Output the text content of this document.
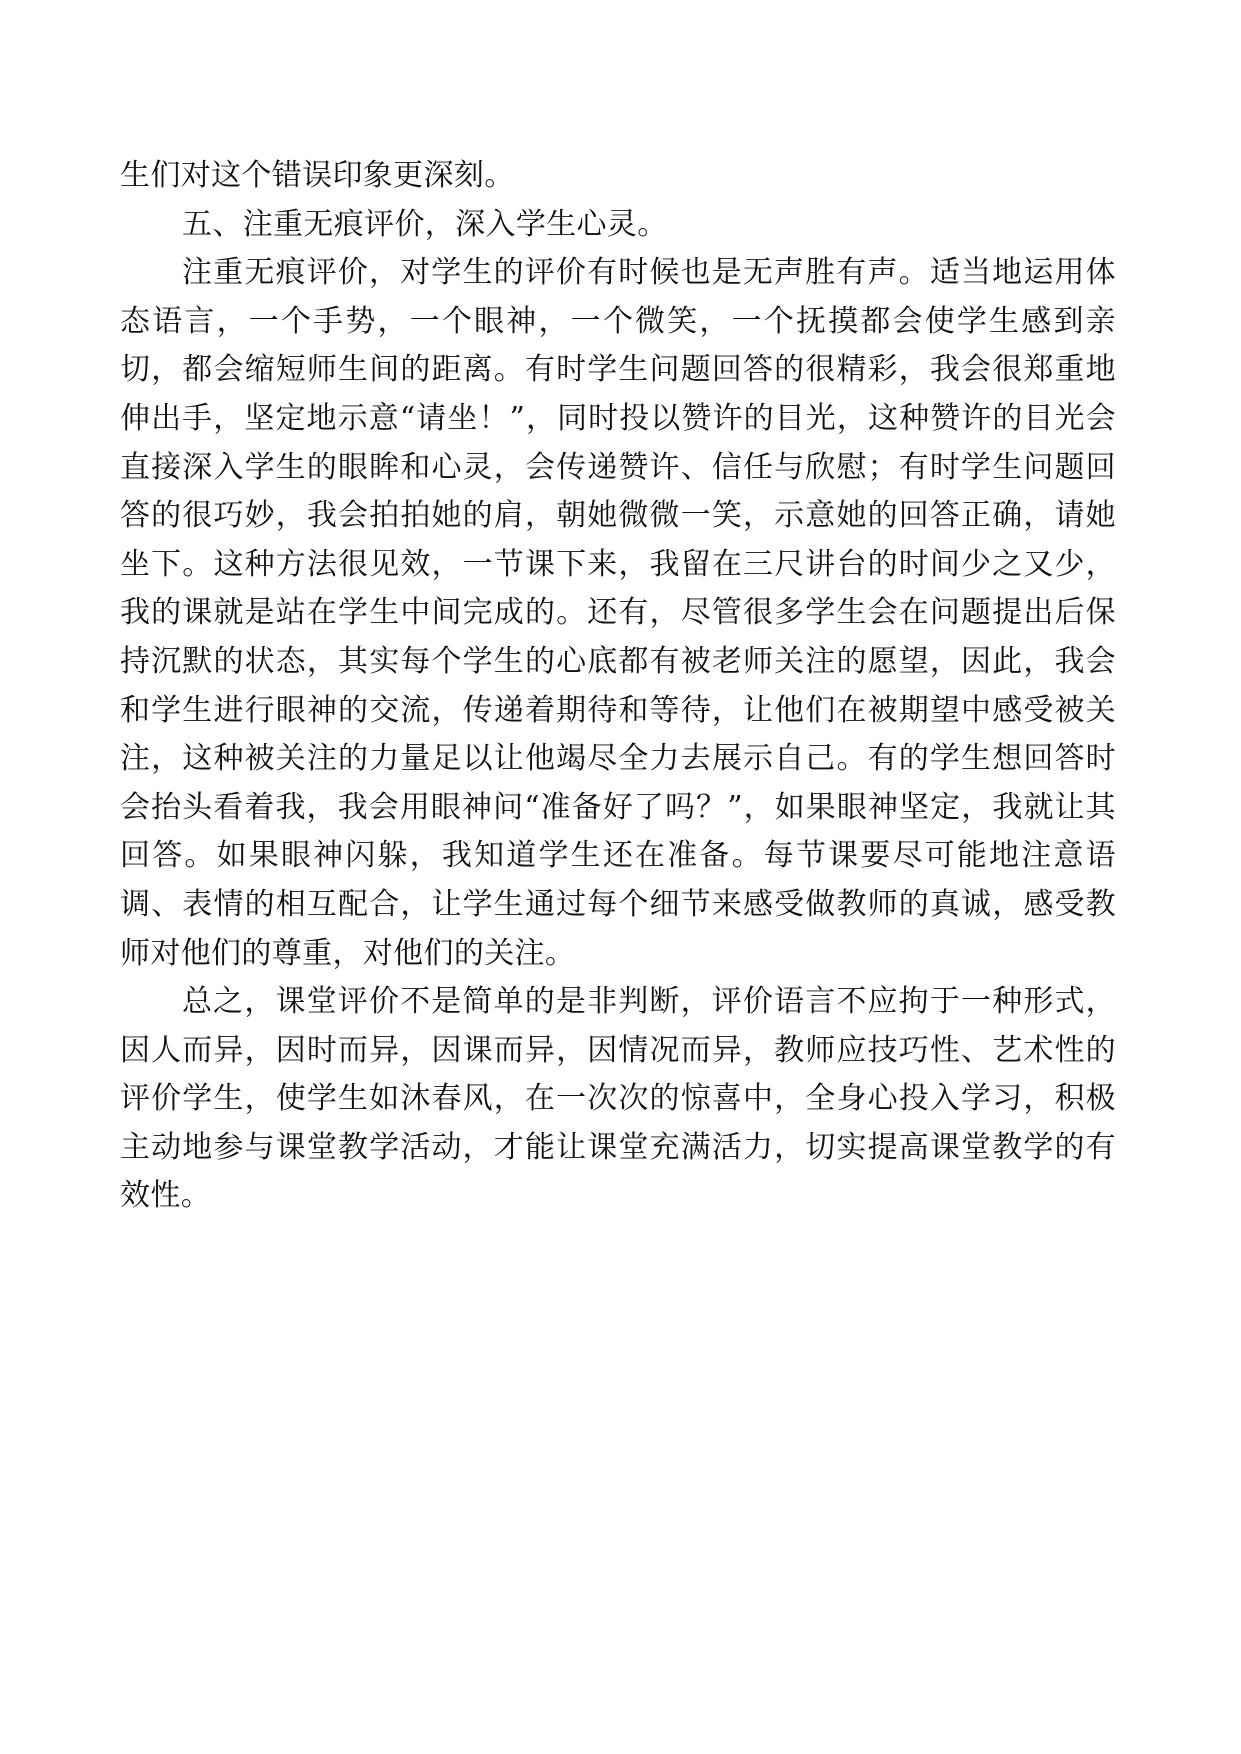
生们对这个错误印象更深刻。

五、注重无痕评价，深入学生心灵。

注重无痕评价，对学生的评价有时候也是无声胜有声。适当地运用体态语言，一个手势，一个眼神，一个微笑，一个抚摸都会使学生感到亲切，都会缩短师生间的距离。有时学生问题回答的很精彩，我会很郑重地伸出手，坚定地示意“请坐！”，同时投以赞许的目光，这种赞许的目光会直接深入学生的眼眸和心灵，会传递赞许、信任与欣慰；有时学生问题回答的很巧妙，我会拍拍她的肩，朝她微微一笑，示意她的回答正确，请她坐下。这种方法很见效，一节课下来，我留在三尺讲台的时间少之又少，我的课就是站在学生中间完成的。还有，尽管很多学生会在问题提出后保持沉默的状态，其实每个学生的心底都有被老师关注的愿望，因此，我会和学生进行眼神的交流，传递着期待和等待，让他们在被期望中感受被关注，这种被关注的力量足以让他竭尽全力去展示自己。有的学生想回答时会抬头看着我，我会用眼神问“准备好了吗？”，如果眼神坚定，我就让其回答。如果眼神闪躲，我知道学生还在准备。每节课要尽可能地注意语调、表情的相互配合，让学生通过每个细节来感受做教师的真诚，感受教师对他们的尊重，对他们的关注。

总之，课堂评价不是简单的是非判断，评价语言不应拘于一种形式，因人而异，因时而异，因课而异，因情况而异，教师应技巧性、艺术性的评价学生，使学生如沐春风，在一次次的惊喜中，全身心投入学习，积极主动地参与课堂教学活动，才能让课堂充满活力，切实提高课堂教学的有效性。
